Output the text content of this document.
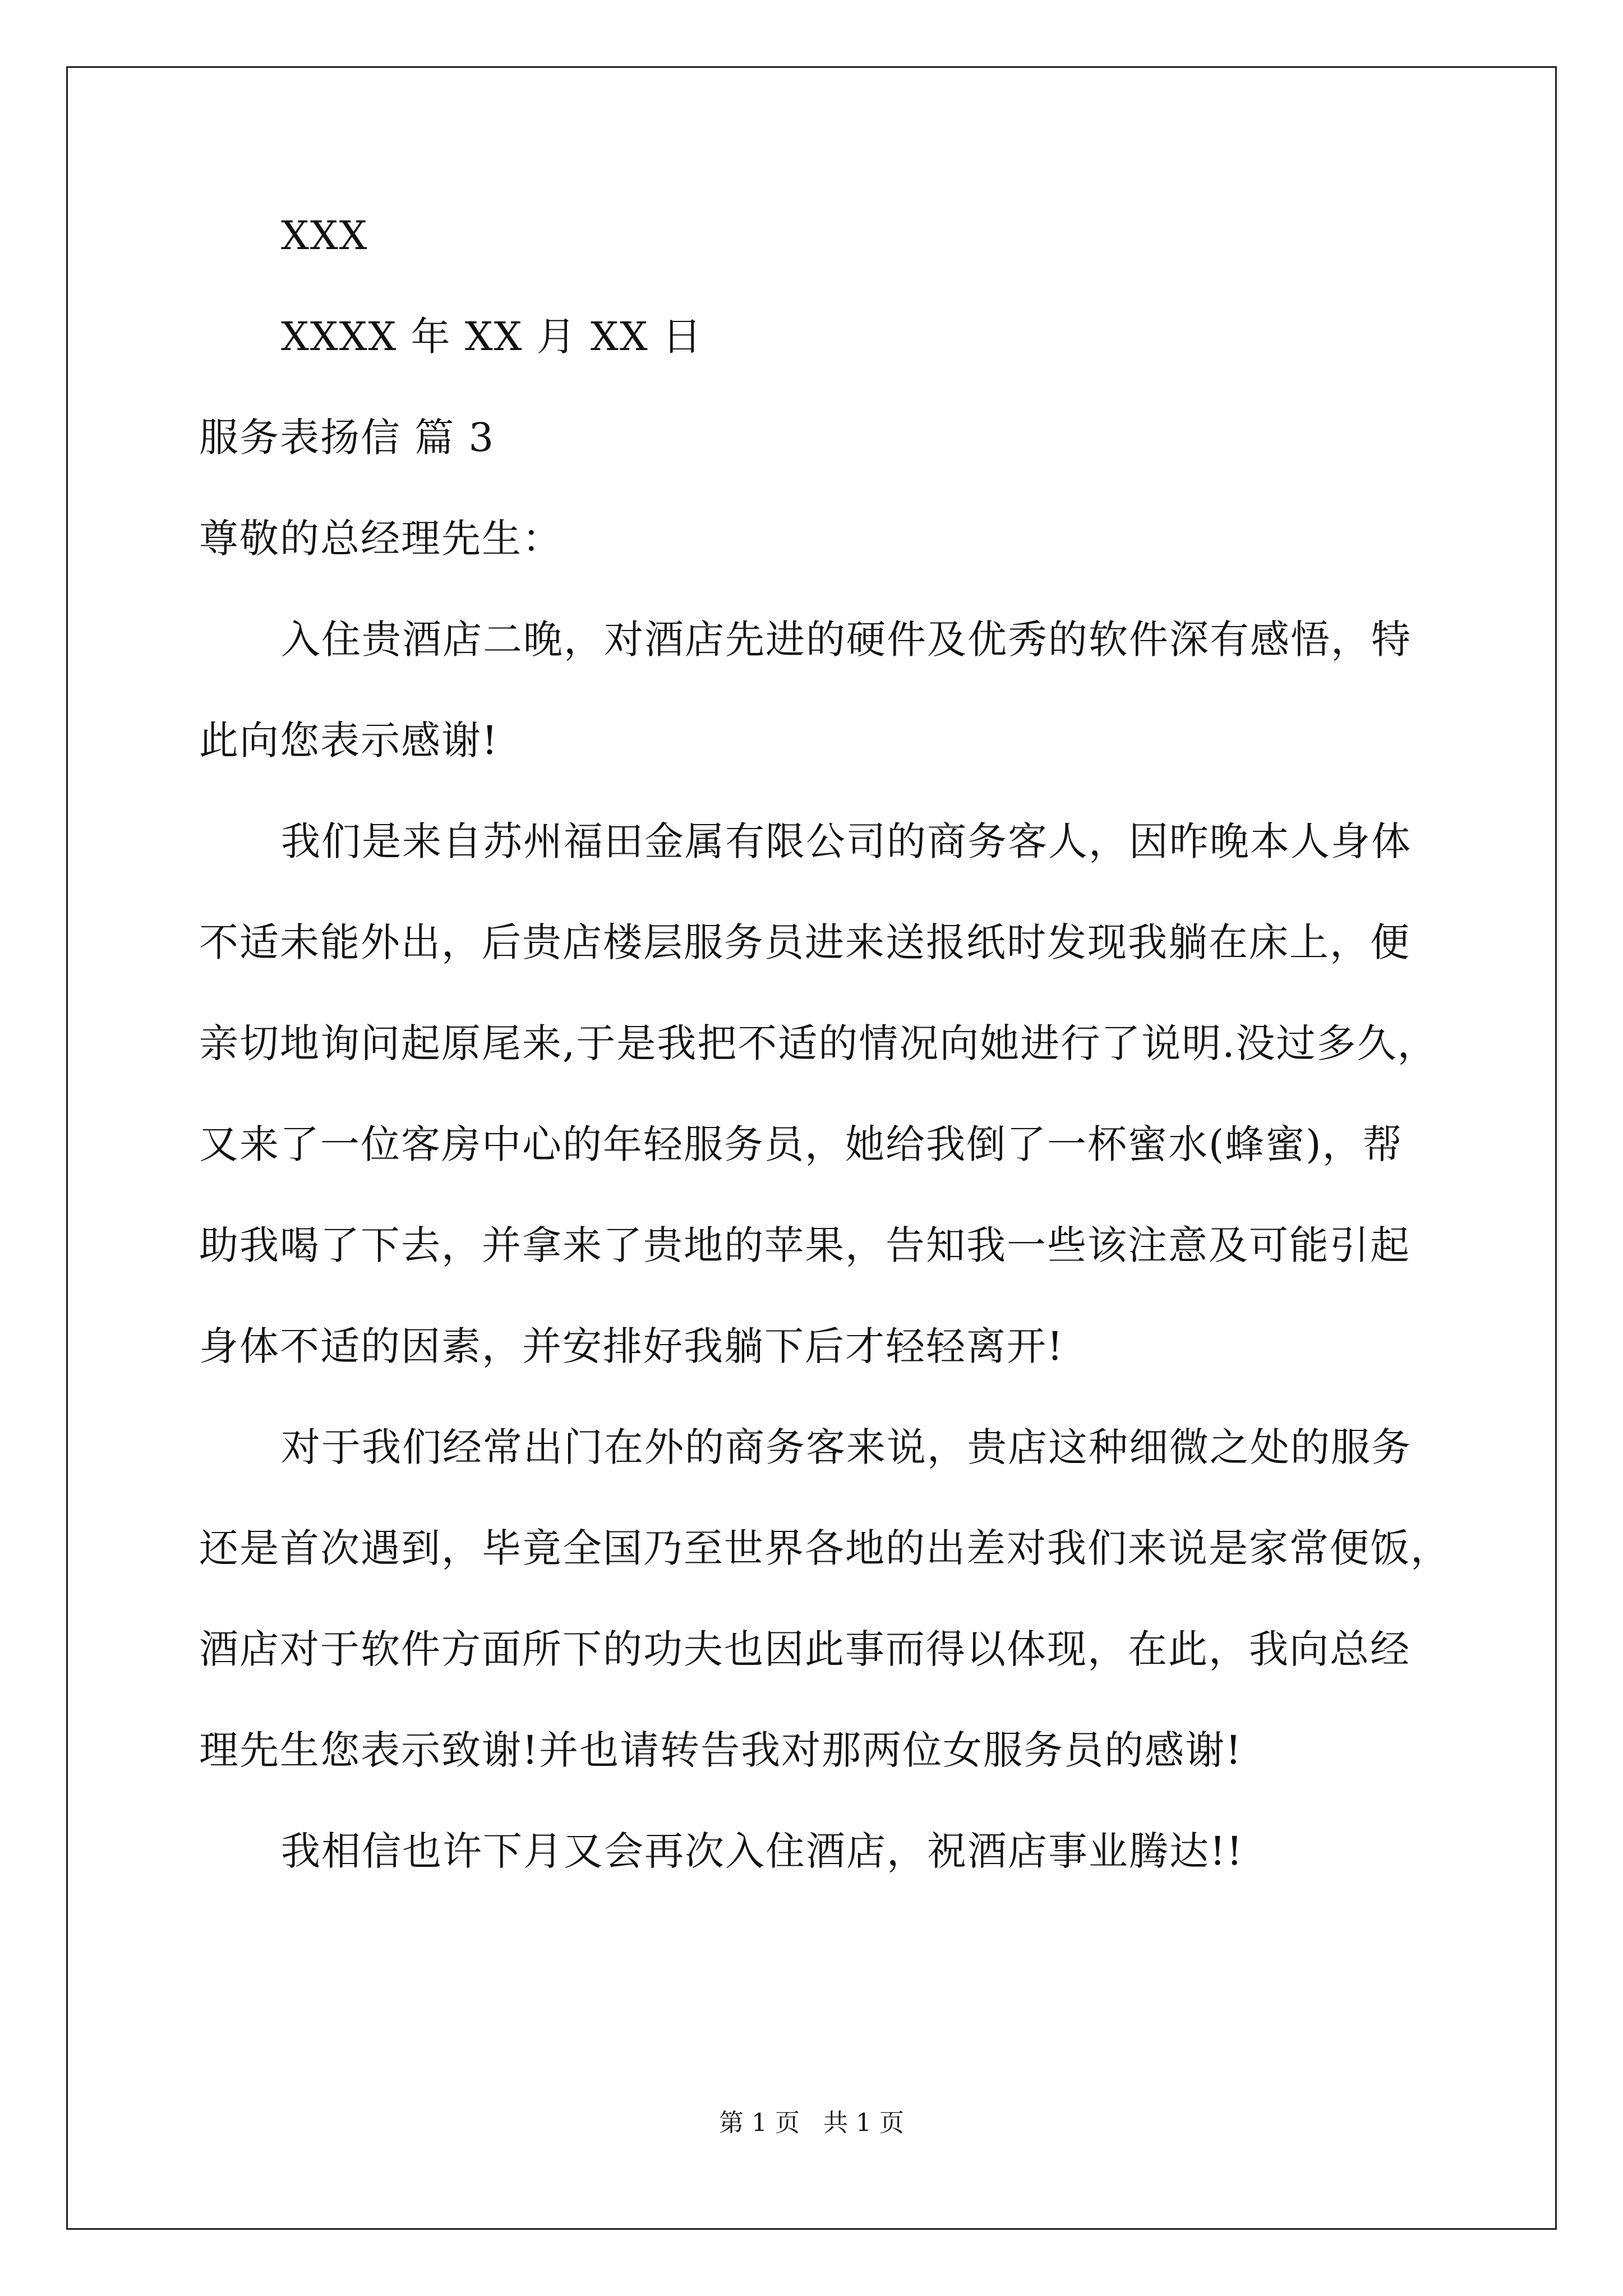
XXX
XXXX 年 XX 月 XX 日
服务表扬信 篇 3
尊敬的总经理先生：
入住贵酒店二晚，对酒店先进的硬件及优秀的软件深有感悟，特
此向您表示感谢!
我们是来自苏州福田金属有限公司的商务客人，因昨晚本人身体
不适未能外出，后贵店楼层服务员进来送报纸时发现我躺在床上，便
亲切地询问起原尾来,于是我把不适的情况向她进行了说明.没过多久，
又来了一位客房中心的年轻服务员，她给我倒了一杯蜜水(蜂蜜)，帮
助我喝了下去，并拿来了贵地的苹果，告知我一些该注意及可能引起
身体不适的因素，并安排好我躺下后才轻轻离开!
对于我们经常出门在外的商务客来说，贵店这种细微之处的服务
还是首次遇到，毕竟全国乃至世界各地的出差对我们来说是家常便饭，
酒店对于软件方面所下的功夫也因此事而得以体现，在此，我向总经
理先生您表示致谢!并也请转告我对那两位女服务员的感谢!
我相信也许下月又会再次入住酒店，祝酒店事业腾达!!
第 1 页   共 1 页
